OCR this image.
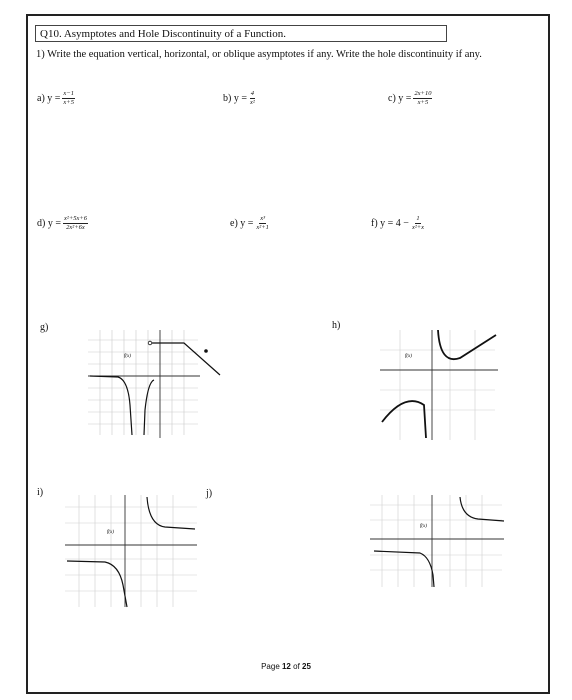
Q10. Asymptotes and Hole Discontinuity of a Function.
1) Write the equation vertical, horizontal, or oblique asymptotes if any. Write the hole discontinuity if any.
a) $y = \frac{x-1}{x+5}$	b) $y = \frac{4}{\text{x²}}$	c) $y = \frac{2x+10}{x+5}$
d) $y = \frac{\text{x²+5x+6}}{\text{2x²+6x}}$	e) $y = \frac{\text{x³}}{\text{x²+1}}$	f) $y = 4 - \frac{1}{\text{x²+x}}$
g)	h)
i)	j)
f(x)	f(x)
f(x)
f(x)
Page 12 of 25
